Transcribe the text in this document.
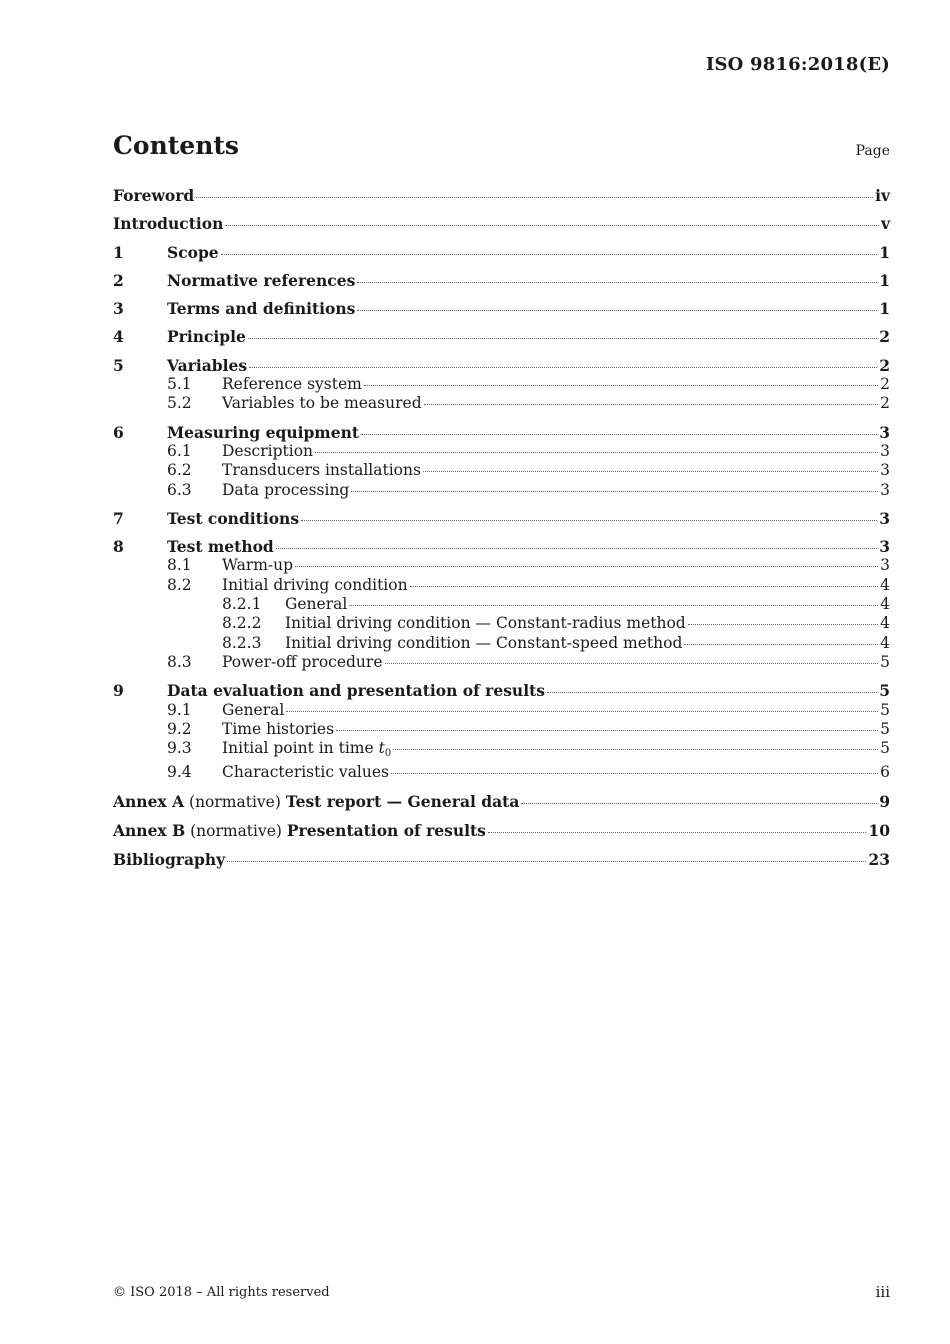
ISO 9816:2018(E)
Contents	Page
Foreword	iv
Introduction	v
1	Scope	1
2	Normative references	1
3	Terms and definitions	1
4	Principle	2
5	Variables	2
5.1	Reference system	2
5.2	Variables to be measured	2
6	Measuring equipment	3
6.1	Description	3
6.2	Transducers installations	3
6.3	Data processing	3
7	Test conditions	3
8	Test method	3
8.1	Warm-up	3
8.2	Initial driving condition	4
8.2.1	General	4
8.2.2	Initial driving condition — Constant-radius method	4
8.2.3	Initial driving condition — Constant-speed method	4
8.3	Power-off procedure	5
9	Data evaluation and presentation of results	5
9.1	General	5
9.2	Time histories	5
9.3	Initial point in time $t_0$	5
9.4	Characteristic values	6
Annex A (normative) Test report — General data	9
Annex B (normative) Presentation of results	10
Bibliography	23
© ISO 2018 – All rights reserved	iii
